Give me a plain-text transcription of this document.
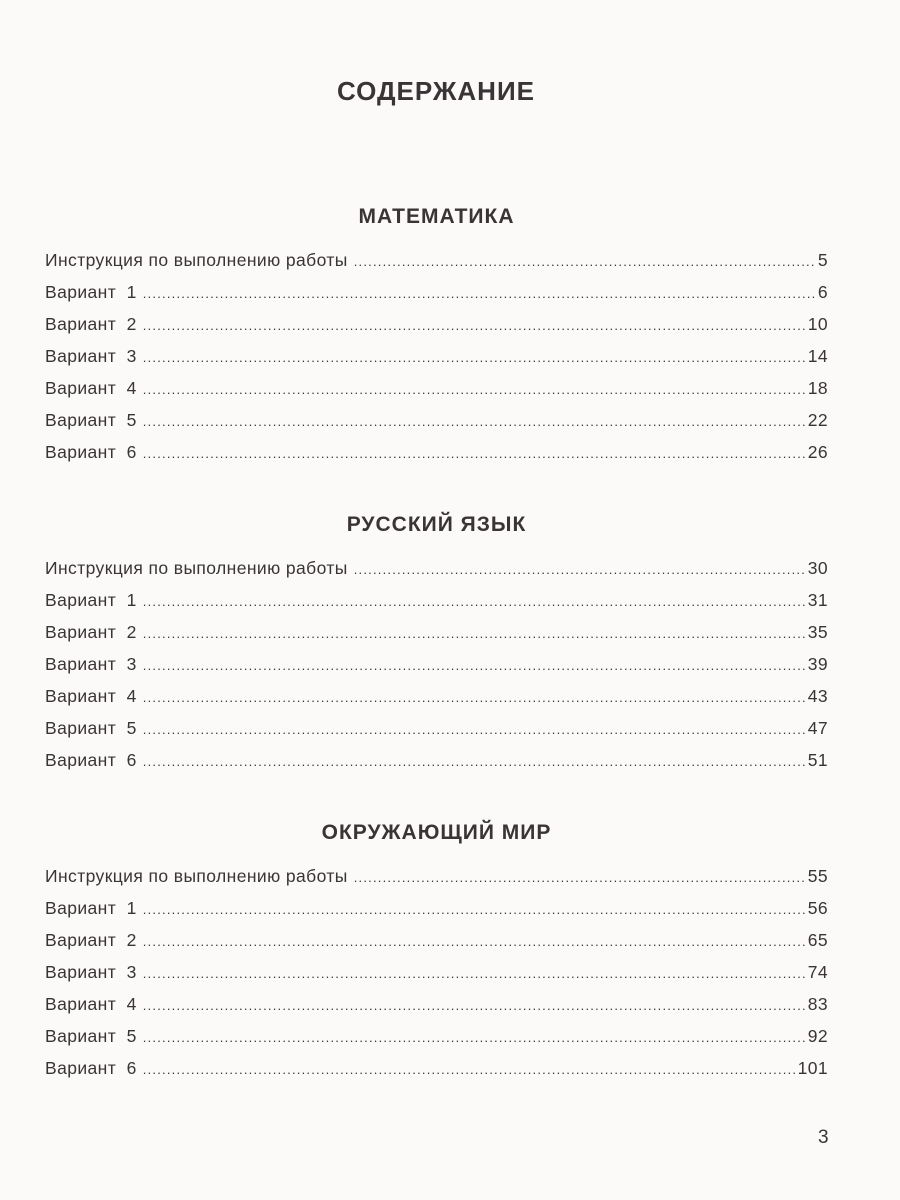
СОДЕРЖАНИЕ
МАТЕМАТИКА
Инструкция по выполнению работы .....	5
Вариант  1 .....	6
Вариант  2 .....	10
Вариант  3 .....	14
Вариант  4 .....	18
Вариант  5 .....	22
Вариант  6 .....	26
РУССКИЙ ЯЗЫК
Инструкция по выполнению работы .....	30
Вариант  1 .....	31
Вариант  2 .....	35
Вариант  3 .....	39
Вариант  4 .....	43
Вариант  5 .....	47
Вариант  6 .....	51
ОКРУЖАЮЩИЙ МИР
Инструкция по выполнению работы .....	55
Вариант  1 .....	56
Вариант  2 .....	65
Вариант  3 .....	74
Вариант  4 .....	83
Вариант  5 .....	92
Вариант  6 .....	101
3
